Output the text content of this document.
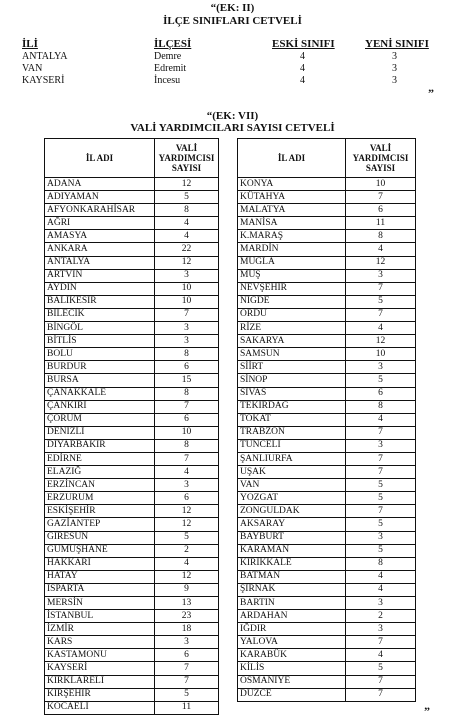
“(EK: II)
İLÇE SINIFLARI CETVELİ
İLİ	İLÇESİ	ESKİ SINIFI	YENİ SINIFI
ANTALYA	Demre	4	3
VAN	Edremit	4	3
KAYSERİ	İncesu	4	3
”
“(EK: VII)
VALİ YARDIMCILARI SAYISI CETVELİ
İL ADI	VALİ YARDIMCISI SAYISI
ADANA	12
ADIYAMAN	5
AFYONKARAHİSAR	8
AĞRI	4
AMASYA	4
ANKARA	22
ANTALYA	12
ARTVİN	3
AYDIN	10
BALIKESİR	10
BİLECİK	7
BİNGÖL	3
BİTLİS	3
BOLU	8
BURDUR	6
BURSA	15
ÇANAKKALE	8
ÇANKIRI	7
ÇORUM	6
DENİZLİ	10
DİYARBAKIR	8
EDİRNE	7
ELAZIĞ	4
ERZİNCAN	3
ERZURUM	6
ESKİŞEHİR	12
GAZİANTEP	12
GİRESUN	5
GÜMÜŞHANE	2
HAKKARİ	4
HATAY	12
ISPARTA	9
MERSİN	13
İSTANBUL	23
İZMİR	18
KARS	3
KASTAMONU	6
KAYSERİ	7
KIRKLARELİ	7
KIRŞEHİR	5
KOCAELİ	11
İL ADI	VALİ YARDIMCISI SAYISI
KONYA	10
KÜTAHYA	7
MALATYA	6
MANİSA	11
K.MARAŞ	8
MARDİN	4
MUĞLA	12
MUŞ	3
NEVŞEHİR	7
NİĞDE	5
ORDU	7
RİZE	4
SAKARYA	12
SAMSUN	10
SİİRT	3
SİNOP	5
SİVAS	6
TEKİRDAĞ	8
TOKAT	4
TRABZON	7
TUNCELİ	3
ŞANLIURFA	7
UŞAK	7
VAN	5
YOZGAT	5
ZONGULDAK	7
AKSARAY	5
BAYBURT	3
KARAMAN	5
KIRIKKALE	8
BATMAN	4
ŞIRNAK	4
BARTIN	3
ARDAHAN	2
IĞDIR	3
YALOVA	7
KARABÜK	4
KİLİS	5
OSMANİYE	7
DÜZCE	7
”
